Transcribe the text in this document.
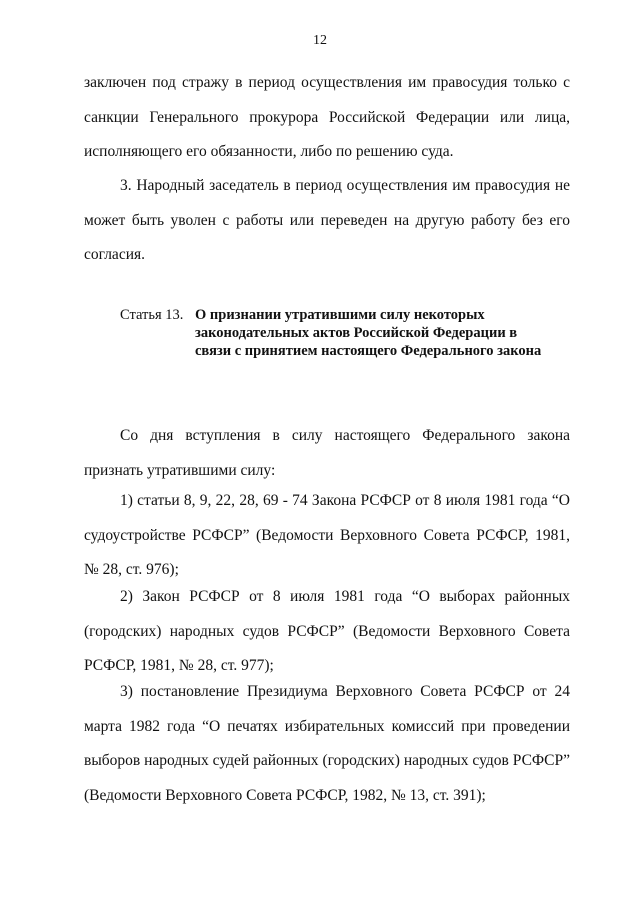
12

заключен под стражу в период осуществления им правосудия только с санкции Генерального прокурора Российской Федерации или лица, исполняющего его обязанности, либо по решению суда.

3. Народный заседатель в период осуществления им правосудия не может быть уволен с работы или переведен на другую работу без его согласия.

Статья 13. О признании утратившими силу некоторых законодательных актов Российской Федерации в связи с принятием настоящего Федерального закона

Со дня вступления в силу настоящего Федерального закона признать утратившими силу:

1) статьи 8, 9, 22, 28, 69 - 74 Закона РСФСР от 8 июля 1981 года “О судоустройстве РСФСР” (Ведомости Верховного Совета РСФСР, 1981, № 28, ст. 976);

2) Закон РСФСР от 8 июля 1981 года “О выборах районных (городских) народных судов РСФСР” (Ведомости Верховного Совета РСФСР, 1981, № 28, ст. 977);

3) постановление Президиума Верховного Совета РСФСР от 24 марта 1982 года “О печатях избирательных комиссий при проведении выборов народных судей районных (городских) народных судов РСФСР” (Ведомости Верховного Совета РСФСР, 1982, № 13, ст. 391);
